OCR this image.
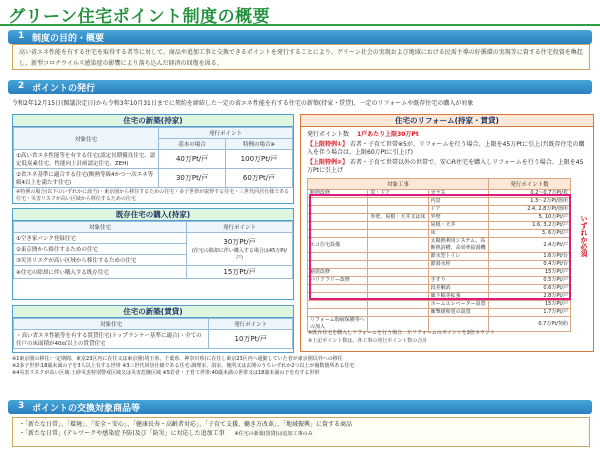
グリーン住宅ポイント制度の概要
1 制度の目的・概要
高い省エネ性能を有する住宅を取得する者等に対して、商品や追加工事と交換できるポイントを発行することにより、グリーン社会の実現および地域における民需主導の好循環の実現等に資する住宅投資を喚起し、新型コロナウイルス感染症の影響により落ち込んだ経済の回復を図る。
2 ポイントの発行
令和2年12月15日(閣議決定日)から令和3年10月31日までに契約を締結した一定の省エネ性能を有する住宅の新築(持家・賃貸)、一定のリフォームや既存住宅の購入が対象
住宅の新築(持家)
対象住宅	発行ポイント	
	基本の場合	特例の場合※
①高い省エネ性能等を有する住宅(認定長期優良住宅、認定低炭素住宅、性能向上計画認定住宅、ZEH)	40万Pt/戸	100万Pt/戸
②省エネ基準に適合する住宅(断熱等級4かつ一次エネ等級4以上を満たす住宅)	30万Pt/戸	60万Pt/戸
※特例の場合(以下のいずれかに該当)・東京圏から移住するための住宅・多子世帯が取得する住宅・三世代同居仕様である住宅・災害リスクが高い区域から移住するための住宅
既存住宅の購入(持家)
対象住宅	発行ポイント
①空き家バンク登録住宅	30万Pt/戸
(住宅の除却に伴い購入する場合は45万Pt/戸)

②東京圏から移住するための住宅	
③災害リスクが高い区域から移住するための住宅	
④住宅の除却に伴い購入する既存住宅	15万Pt/戸
住宅の新築(賃貸)
対象住宅	発行ポイント
・高い省エネ性能等を有する賃貸住宅(トップランナー基準に適合)・全ての住戸の床面積が40㎡以上の賃貸住宅	10万Pt/戸
住宅のリフォーム(持家・賃貸)
発行ポイント数 1戸あたり上限30万Pt
【上限特例①】 若者・子育て世帯※5が、リフォームを行う場合、上限を45万Ptに引上げ(既存住宅の購入を伴う場合は、上限60万Ptに引上げ)
【上限特例②】 若者・子育て世帯以外の世帯で、安心R住宅を購入しリフォームを行う場合、上限を45万Ptに引上げ
対象工事			発行ポイント数
断熱改修	窓・ドア	ガラス	0.2～0.7万Pt/枚
		内窓	1.3～2万Pt/箇所
		ドア	2.4, 2.8万Pt/箇所
	外壁、屋根・天井又は床	外壁	5, 10万Pt/戸
		屋根・天井	1.6, 3.2万Pt/戸
		床	3, 6万Pt/戸
エコ住宅設備		太陽熱利用システム、高断熱浴槽、高効率給湯機	2.4万Pt/戸
		節水型トイレ	1.6万Pt/台
		節湯水栓	0.4万Pt/台
耐震改修			15万Pt/戸
バリアフリー改修		手すり	0.5万Pt/戸
		段差解消	0.6万Pt/戸
		廊下幅等拡張	2.8万Pt/戸
		ホームエレベーター設置	15万Pt/戸
		衝撃緩和畳の設置	1.7万Pt/戸
リフォーム瑕疵保険等への加入			0.7万Pt/契約
いずれか必須
※既存住宅を購入しリフォームを行う場合、左リフォームのポイントを2倍カウント
※上記ポイント数は、各工事の発行ポイント数の合計
※1東京圏の移住:一定期間、東京23区内に在住又は東京圏(埼玉県、千葉県、神奈川県)に在住し東京23区内へ通勤していた者が東京圏以外への移住
※2多子世帯:18歳未満の子を3人以上有する世帯 ※3三世代同居仕様である住宅:調理室、浴室、便所又は玄関のうちいずれか2つ以上が複数箇所ある住宅
※4災害リスクが高い区域:土砂災害特別警戒区域又は災害危険区域 ※5若者・子育て世帯:40歳未満の世帯又は18歳未満の子を有する世帯
3 ポイントの交換対象商品等
・「新たな日常」、「環境」、「安全・安心」、「健康長寿・高齢者対応」、「子育て支援、働き方改革」、「地域振興」に資する商品
・「新たな日常」(テレワークや感染症予防)及び「防災」に対応した追加工事 ※住宅の新築(賃貸)は追加工事のみ
